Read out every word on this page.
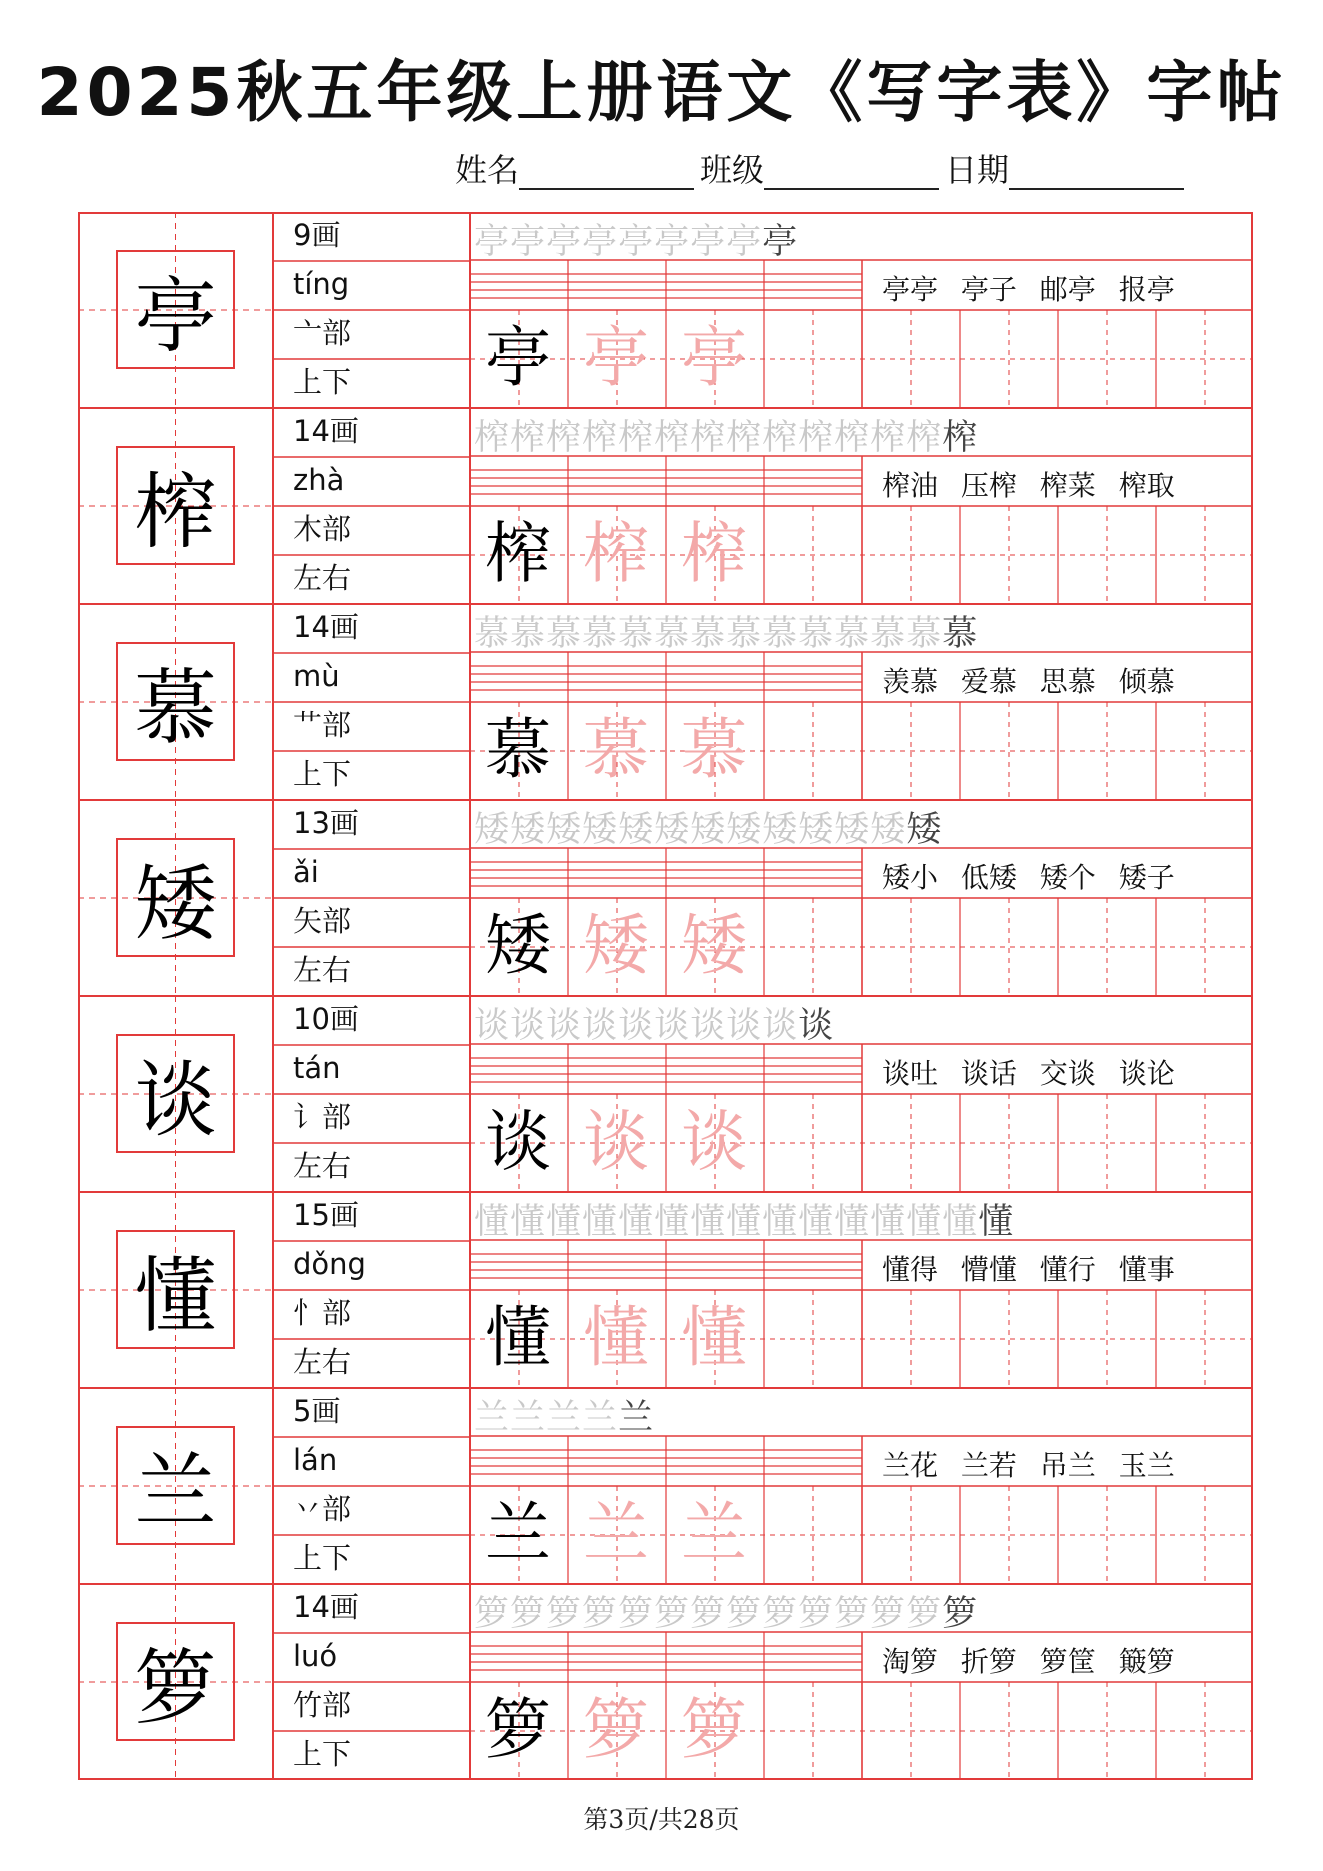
2025秋五年级上册语文《写字表》字帖
姓名	班级	日期
亭
9画
tíng
亠部
上下
亭亭亭亭亭亭亭亭亭
亭亭 亭子 邮亭 报亭
亭 亭 亭
榨
14画
zhà
木部
左右
榨榨榨榨榨榨榨榨榨榨榨榨榨榨
榨油 压榨 榨菜 榨取
榨 榨 榨
慕
14画
mù
艹部
上下
慕慕慕慕慕慕慕慕慕慕慕慕慕慕
羡慕 爱慕 思慕 倾慕
慕 慕 慕
矮
13画
ǎi
矢部
左右
矮矮矮矮矮矮矮矮矮矮矮矮矮
矮小 低矮 矮个 矮子
矮 矮 矮
谈
10画
tán
讠部
左右
谈谈谈谈谈谈谈谈谈谈
谈吐 谈话 交谈 谈论
谈 谈 谈
懂
15画
dǒng
忄部
左右
懂懂懂懂懂懂懂懂懂懂懂懂懂懂懂
懂得 懵懂 懂行 懂事
懂 懂 懂
兰
5画
lán
丷部
上下
兰兰兰兰兰
兰花 兰若 吊兰 玉兰
兰 兰 兰
箩
14画
luó
竹部
上下
箩箩箩箩箩箩箩箩箩箩箩箩箩箩
淘箩 折箩 箩筐 簸箩
箩 箩 箩
第3页/共28页
